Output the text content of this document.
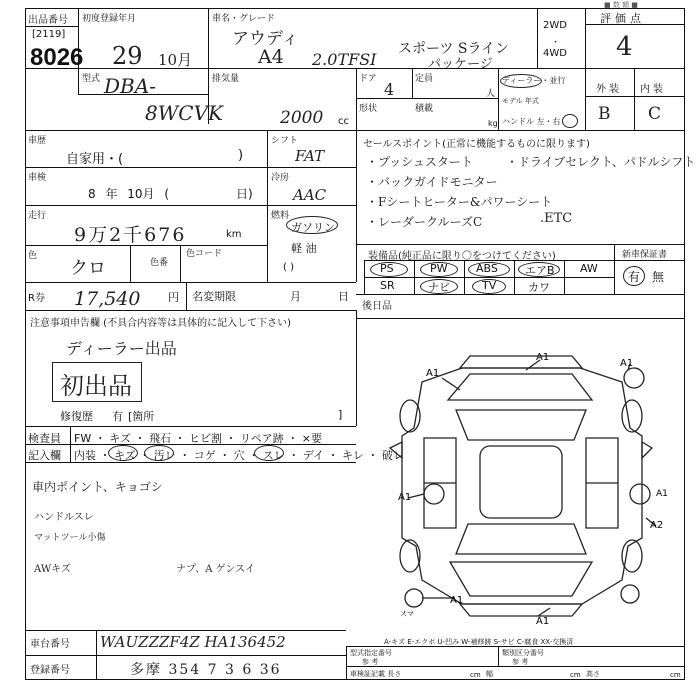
出品番号
[2119]
8026
初度登録年月
29 10月
車名・グレード
アウディ
A4 2.0TFSI
スポーツ Sライン
パッケージ
2WD
・
4WD
評価点
4
■ 数 額 ■
型式 DBA-
8WCVK
排気量
2000 cc
ドア
4
定員
人
形状	積載
kg
ディーラー・並行
モデル 年式
ハンドル 左・右
外装 内装
B C
車歴
自家用・(	)
シフト
FAT
車検
8 年 10月 (	日)
冷房
AAC
走行
9万2千676	km
燃料
ガソリン
軽 油
( )
色
クロ	色番
色コード
R券 17,540	円 名変期限	月	日
セールスポイント(正常に機能するものに限ります)
・プッシュスタート	・ドライブセレクト、パドルシフト
・バックガイドモニター
・Fシートヒーター&パワーシート
・レーダークルーズC	.ETC
装備品(純正品に限り〇をつけてください)	新車保証書
有 無
PS	PW	ABS エアB AW
SR	ナビ	TV	カワ
後日品
注意事項申告欄 (不具合内容等は具体的に記入して下さい)
ディーラー出品
初出品
修復歴 有 [箇所	]
検査員 FW ・ キズ ・ 飛石 ・ ヒビ割 ・ リペア跡 ・ ×要
記入欄 内装 ・ キズ ・ 汚レ ・ コゲ ・ 穴 ・ スレ ・ デイ ・ キレ ・ 破レ
車内ポイント、キョゴシ
ハンドルスレ
マットツール小傷
AWキズ	ナプ、A ゲンスイ
A1
A1
A1
A1	A1
A2
A1
A1
スマ
A-キズ E-エクボ U-凹み W-補修跡 S-サビ C-腐食 XX-交換済
車台番号 WAUZZZF4Z HA136452
登録番号	多摩 354 7 3 6 36
型式指定番号
参 考
類別区分番号
参 考
車検証記載 長さ	cm 幅	cm 高さ	cm
